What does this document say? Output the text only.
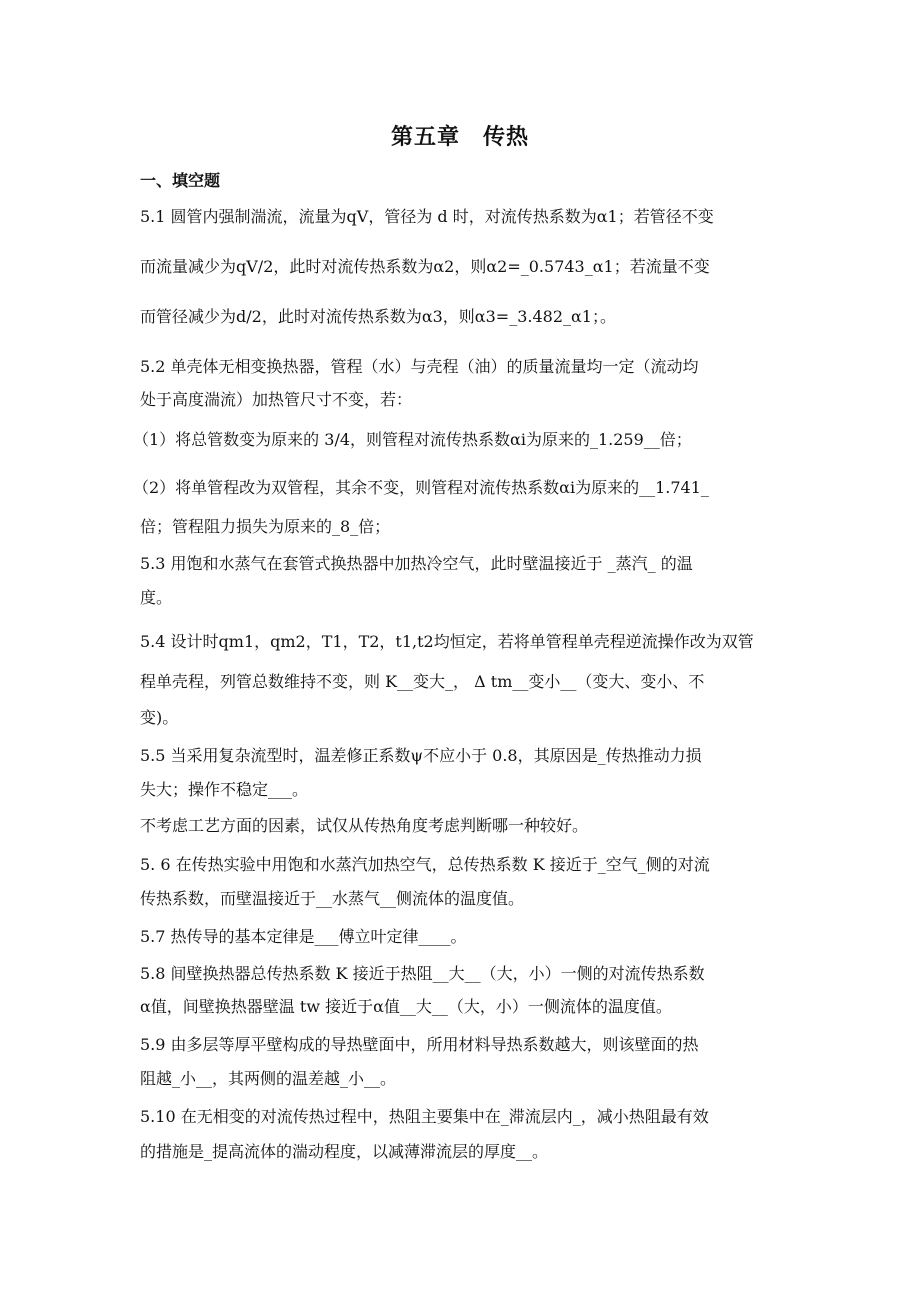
第五章　传热
一、填空题
5.1 圆管内强制湍流，流量为qV，管径为 d 时，对流传热系数为α1；若管径不变
而流量减少为qV/2，此时对流传热系数为α2，则α2=_0.5743_α1；若流量不变
而管径减少为d/2，此时对流传热系数为α3，则α3=_3.482_α1；。
5.2 单壳体无相变换热器，管程（水）与壳程（油）的质量流量均一定（流动均
处于高度湍流）加热管尺寸不变，若：
（1）将总管数变为原来的 3/4，则管程对流传热系数αi为原来的_1.259__倍；
（2）将单管程改为双管程，其余不变，则管程对流传热系数αi为原来的__1.741_
倍；管程阻力损失为原来的_8_倍；
5.3 用饱和水蒸气在套管式换热器中加热冷空气，此时壁温接近于 _蒸汽_ 的温
度。
5.4 设计时qm1，qm2，T1，T2，t1,t2均恒定，若将单管程单壳程逆流操作改为双管
程单壳程，列管总数维持不变，则 K__变大_， Δ tm__变小__（变大、变小、不
变)。
5.5 当采用复杂流型时，温差修正系数ψ不应小于 0.8，其原因是_传热推动力损
失大；操作不稳定___。
不考虑工艺方面的因素，试仅从传热角度考虑判断哪一种较好。
5. 6 在传热实验中用饱和水蒸汽加热空气，总传热系数 K 接近于_空气_侧的对流
传热系数，而壁温接近于__水蒸气__侧流体的温度值。
5.7 热传导的基本定律是___傅立叶定律____。
5.8 间壁换热器总传热系数 K 接近于热阻__大__（大，小）一侧的对流传热系数
α值，间壁换热器壁温 tw 接近于α值__大__（大，小）一侧流体的温度值。
5.9 由多层等厚平壁构成的导热壁面中，所用材料导热系数越大，则该壁面的热
阻越_小__，其两侧的温差越_小__。
5.10 在无相变的对流传热过程中，热阻主要集中在_滞流层内_，减小热阻最有效
的措施是_提高流体的湍动程度，以减薄滞流层的厚度__。
